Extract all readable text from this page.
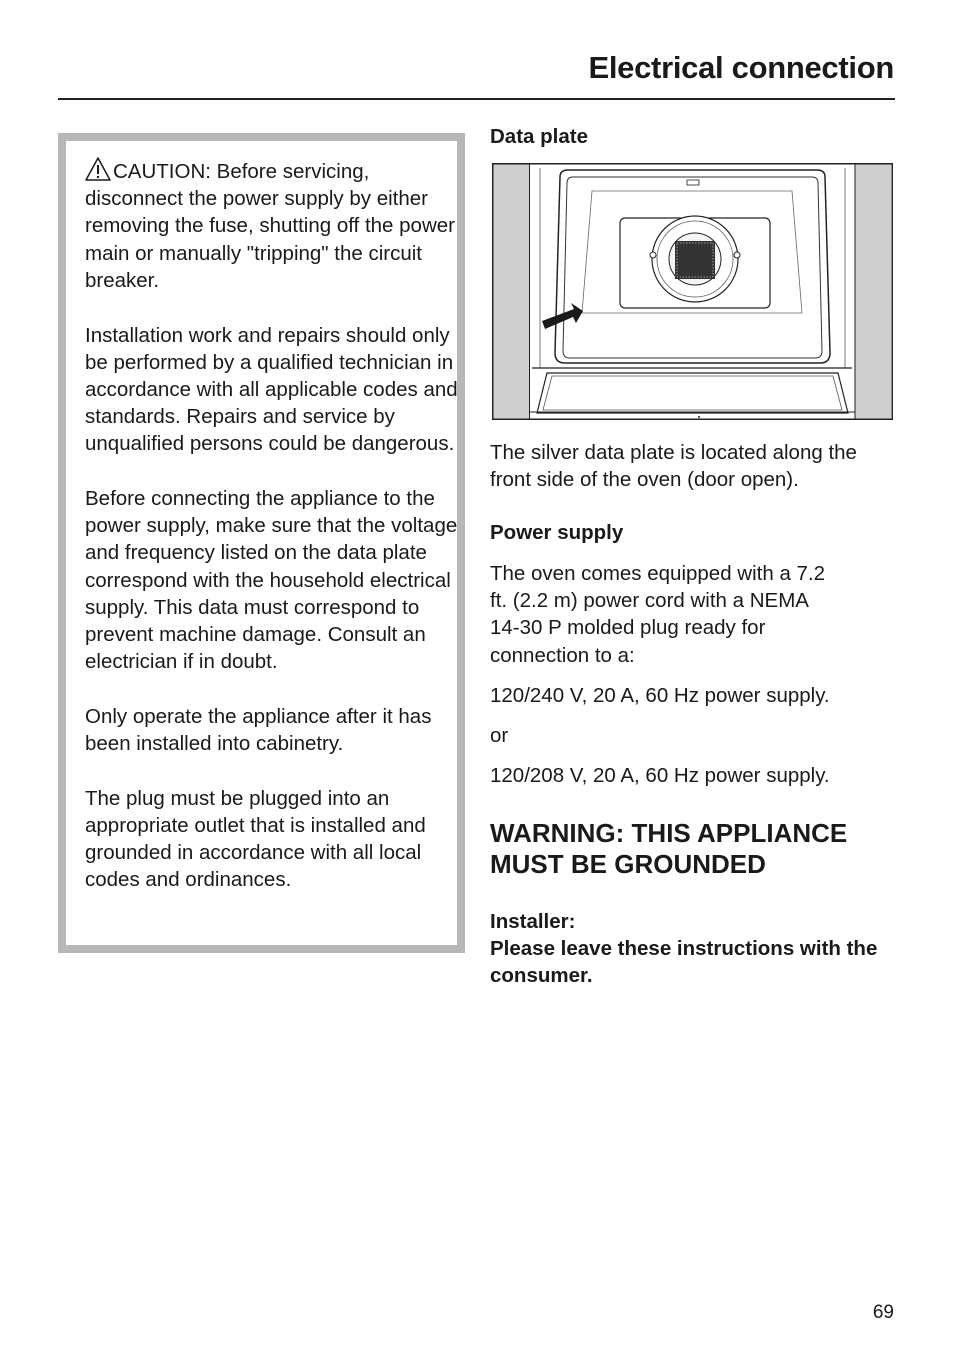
Electrical connection

CAUTION: Before servicing, disconnect the power supply by either removing the fuse, shutting off the power main or manually "tripping" the circuit breaker.

Installation work and repairs should only be performed by a qualified technician in accordance with all applicable codes and standards. Repairs and service by unqualified persons could be dangerous.

Before connecting the appliance to the power supply, make sure that the voltage and frequency listed on the data plate correspond with the household electrical supply. This data must correspond to prevent machine damage. Consult an electrician if in doubt.

Only operate the appliance after it has been installed into cabinetry.

The plug must be plugged into an appropriate outlet that is installed and grounded in accordance with all local codes and ordinances.

Data plate
The silver data plate is located along the front side of the oven (door open).
Power supply
The oven comes equipped with a 7.2 ft. (2.2 m) power cord with a NEMA 14-30 P molded plug ready for connection to a:
120/240 V, 20 A, 60 Hz power supply.
or
120/208 V, 20 A, 60 Hz power supply.
WARNING: THIS APPLIANCE MUST BE GROUNDED
Installer:
Please leave these instructions with the consumer.
69
